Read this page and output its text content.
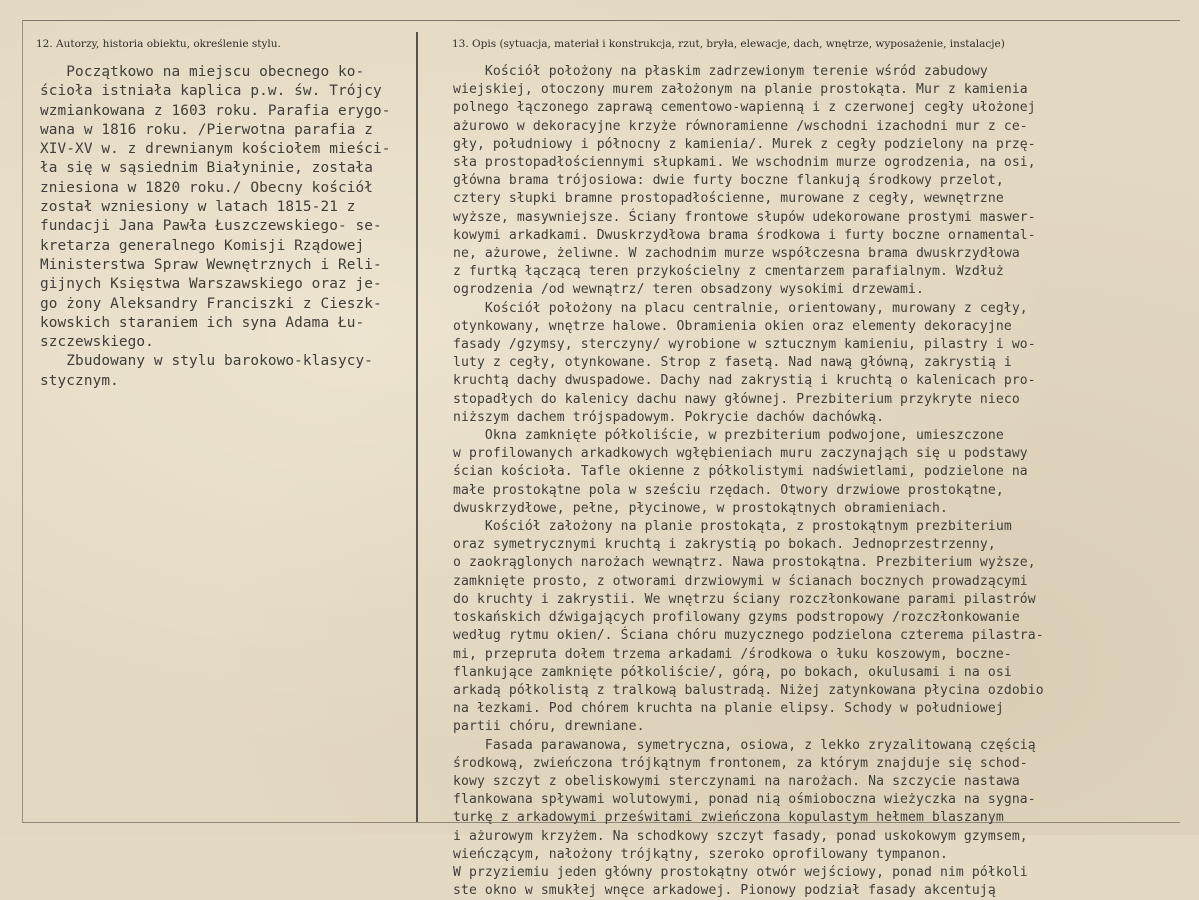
12. Autorzy, historia obiektu, określenie stylu.	13. Opis (sytuacja, materiał i konstrukcja, rzut, bryła, elewacje, dach, wnętrze, wyposażenie, instalacje)

Początkowo na miejscu obecnego ko-
ścioła istniała kaplica p.w. św. Trójcy
wzmiankowana z 1603 roku. Parafia erygo-
wana w 1816 roku. /Pierwotna parafia z
XIV-XV w. z drewnianym kościołem mieści-
ła się w sąsiednim Białyninie, została
zniesiona w 1820 roku./ Obecny kościół
został wzniesiony w latach 1815-21 z
fundacji Jana Pawła Łuszczewskiego- se-
kretarza generalnego Komisji Rządowej
Ministerstwa Spraw Wewnętrznych i Reli-
gijnych Księstwa Warszawskiego oraz je-
go żony Aleksandry Franciszki z Cieszk-
kowskich staraniem ich syna Adama Łu-
szczewskiego.
Zbudowany w stylu barokowo-klasycy-
stycznym.
Kościół położony na płaskim zadrzewionym terenie wśród zabudowy
wiejskiej, otoczony murem założonym na planie prostokąta. Mur z kamienia
polnego łączonego zaprawą cementowo-wapienną i z czerwonej cegły ułożonej
ażurowo w dekoracyjne krzyże równoramienne /wschodni izachodni mur z ce-
gły, południowy i północny z kamienia/. Murek z cegły podzielony na przę-
sła prostopadłościennymi słupkami. We wschodnim murze ogrodzenia, na osi,
główna brama trójosiowa: dwie furty boczne flankują środkowy przelot,
cztery słupki bramne prostopadłościenne, murowane z cegły, wewnętrzne
wyższe, masywniejsze. Ściany frontowe słupów udekorowane prostymi maswer-
kowymi arkadkami. Dwuskrzydłowa brama środkowa i furty boczne ornamental-
ne, ażurowe, żeliwne. W zachodnim murze współczesna brama dwuskrzydłowa
z furtką łączącą teren przykościelny z cmentarzem parafialnym. Wzdłuż
ogrodzenia /od wewnątrz/ teren obsadzony wysokimi drzewami.
Kościół położony na placu centralnie, orientowany, murowany z cegły,
otynkowany, wnętrze halowe. Obramienia okien oraz elementy dekoracyjne
fasady /gzymsy, sterczyny/ wyrobione w sztucznym kamieniu, pilastry i wo-
luty z cegły, otynkowane. Strop z fasetą. Nad nawą główną, zakrystią i
kruchtą dachy dwuspadowe. Dachy nad zakrystią i kruchtą o kalenicach pro-
stopadłych do kalenicy dachu nawy głównej. Prezbiterium przykryte nieco
niższym dachem trójspadowym. Pokrycie dachów dachówką.
Okna zamknięte półkoliście, w prezbiterium podwojone, umieszczone
w profilowanych arkadkowych wgłębieniach muru zaczynająch się u podstawy
ścian kościoła. Tafle okienne z półkolistymi nadświetlami, podzielone na
małe prostokątne pola w sześciu rzędach. Otwory drzwiowe prostokątne,
dwuskrzydłowe, pełne, płycinowe, w prostokątnych obramieniach.
Kościół założony na planie prostokąta, z prostokątnym prezbiterium
oraz symetrycznymi kruchtą i zakrystią po bokach. Jednoprzestrzenny,
o zaokrąglonych narożach wewnątrz. Nawa prostokątna. Prezbiterium wyższe,
zamknięte prosto, z otworami drzwiowymi w ścianach bocznych prowadzącymi
do kruchty i zakrystii. We wnętrzu ściany rozczłonkowane parami pilastrów
toskańskich dźwigających profilowany gzyms podstropowy /rozczłonkowanie
według rytmu okien/. Ściana chóru muzycznego podzielona czterema pilastra-
mi, przepruta dołem trzema arkadami /środkowa o łuku koszowym, boczne-
flankujące zamknięte półkoliście/, górą, po bokach, okulusami i na osi
arkadą półkolistą z tralkową balustradą. Niżej zatynkowana płycina ozdobio
na łezkami. Pod chórem kruchta na planie elipsy. Schody w południowej
partii chóru, drewniane.
Fasada parawanowa, symetryczna, osiowa, z lekko zryzalitowaną częścią
środkową, zwieńczona trójkątnym frontonem, za którym znajduje się schod-
kowy szczyt z obeliskowymi sterczynami na narożach. Na szczycie nastawa
flankowana spływami wolutowymi, ponad nią ośmioboczna wieżyczka na sygna-
turkę z arkadowymi prześwitami zwieńczona kopulastym hełmem blaszanym
i ażurowym krzyżem. Na schodkowy szczyt fasady, ponad uskokowym gzymsem,
wieńczącym, nałożony trójkątny, szeroko oprofilowany tympanon.
W przyziemiu jeden główny prostokątny otwór wejściowy, ponad nim półkoli
ste okno w smukłej wnęce arkadowej. Pionowy podział fasady akcentują
